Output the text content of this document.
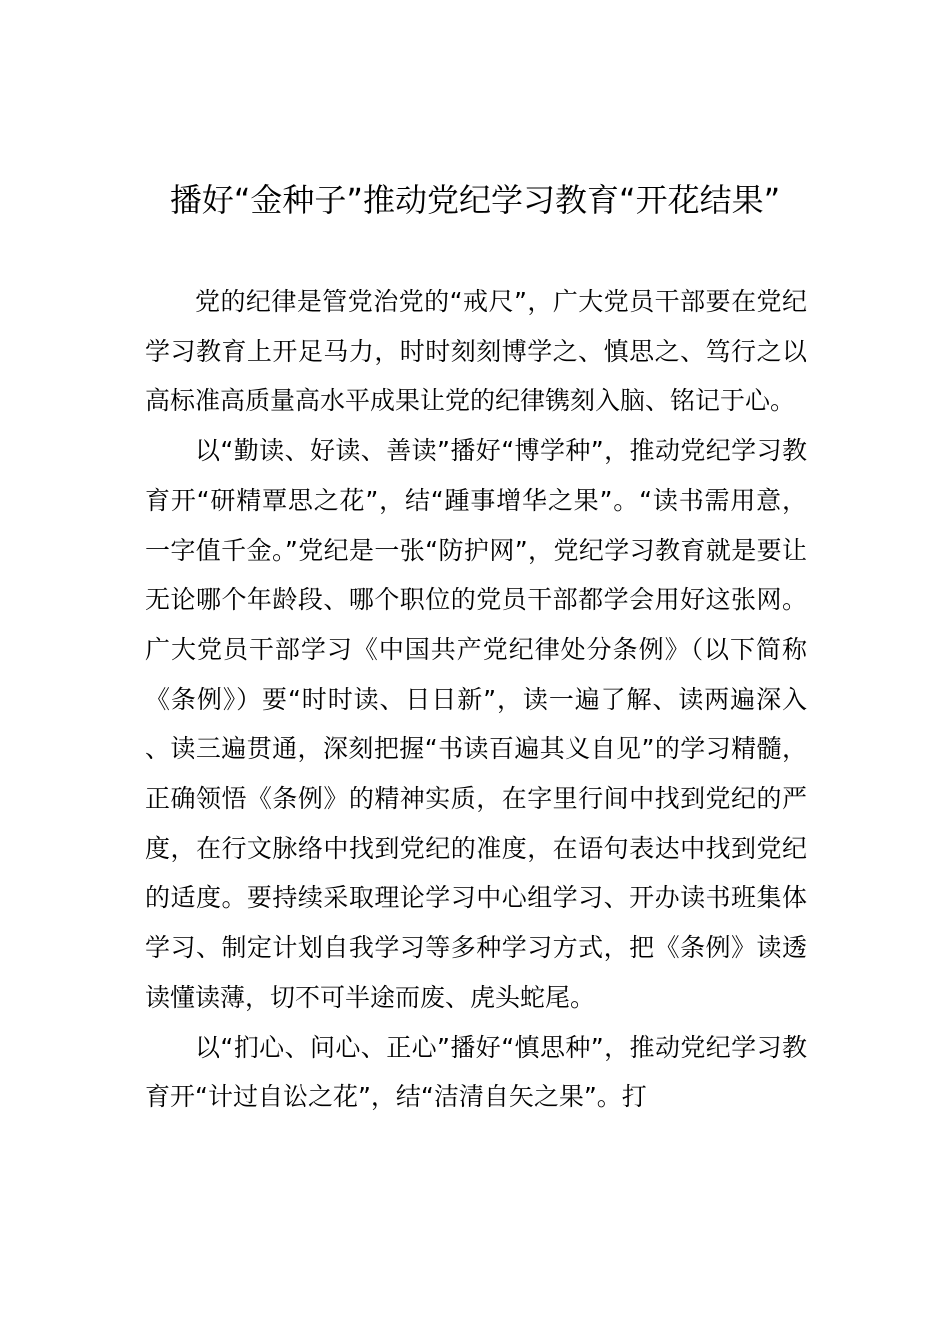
播好“金种子”推动党纪学习教育“开花结果”

党的纪律是管党治党的“戒尺”，广大党员干部要在党纪学习教育上开足马力，时时刻刻博学之、慎思之、笃行之以高标准高质量高水平成果让党的纪律镌刻入脑、铭记于心。

以“勤读、好读、善读”播好“博学种”，推动党纪学习教育开“研精覃思之花”，结“踵事增华之果”。“读书需用意，一字值千金。”党纪是一张“防护网”，党纪学习教育就是要让无论哪个年龄段、哪个职位的党员干部都学会用好这张网。广大党员干部学习《中国共产党纪律处分条例》（以下简称《条例》）要“时时读、日日新”，读一遍了解、读两遍深入、读三遍贯通，深刻把握“书读百遍其义自见”的学习精髓，正确领悟《条例》的精神实质，在字里行间中找到党纪的严度，在行文脉络中找到党纪的准度，在语句表达中找到党纪的适度。要持续采取理论学习中心组学习、开办读书班集体学习、制定计划自我学习等多种学习方式，把《条例》读透读懂读薄，切不可半途而废、虎头蛇尾。

以“扪心、问心、正心”播好“慎思种”，推动党纪学习教育开“计过自讼之花”，结“洁清自矢之果”。打
